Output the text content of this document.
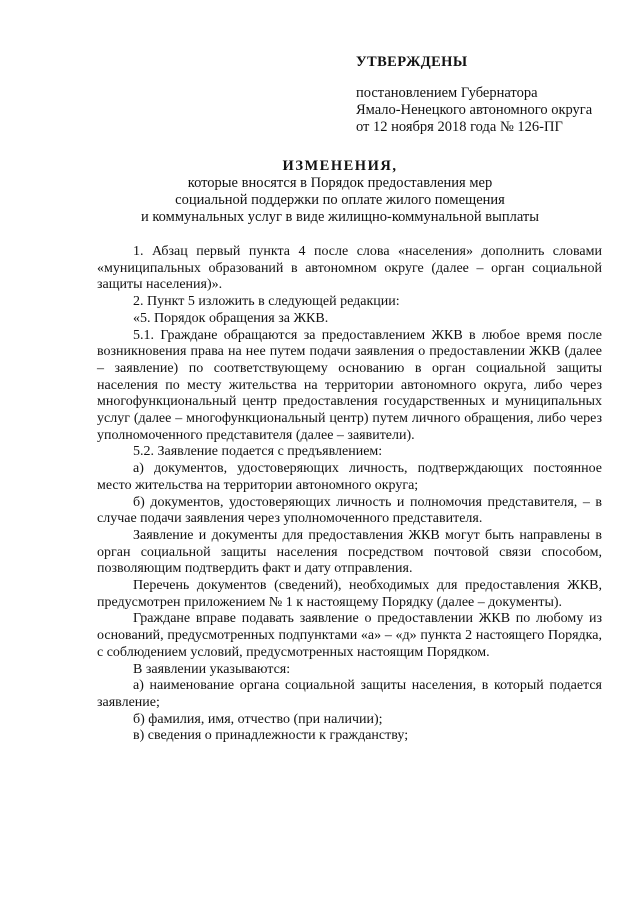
УТВЕРЖДЕНЫ
постановлением Губернатора
Ямало-Ненецкого автономного округа
от 12 ноября 2018 года № 126-ПГ
ИЗМЕНЕНИЯ,
которые вносятся в Порядок предоставления мер
социальной поддержки по оплате жилого помещения
и коммунальных услуг в виде жилищно-коммунальной выплаты

1. Абзац первый пункта 4 после слова «населения» дополнить словами «муниципальных образований в автономном округе (далее – орган социальной защиты населения)».

2. Пункт 5 изложить в следующей редакции:

«5. Порядок обращения за ЖКВ.

5.1. Граждане обращаются за предоставлением ЖКВ в любое время после возникновения права на нее путем подачи заявления о предоставлении ЖКВ (далее – заявление) по соответствующему основанию в орган социальной защиты населения по месту жительства на территории автономного округа, либо через многофункциональный центр предоставления государственных и муниципальных услуг (далее – многофункциональный центр) путем личного обращения, либо через уполномоченного представителя (далее – заявители).

5.2. Заявление подается с предъявлением:

а) документов, удостоверяющих личность, подтверждающих постоянное место жительства на территории автономного округа;

б) документов, удостоверяющих личность и полномочия представителя, – в случае подачи заявления через уполномоченного представителя.

Заявление и документы для предоставления ЖКВ могут быть направлены в орган социальной защиты населения посредством почтовой связи способом, позволяющим подтвердить факт и дату отправления.

Перечень документов (сведений), необходимых для предоставления ЖКВ, предусмотрен приложением № 1 к настоящему Порядку (далее – документы).

Граждане вправе подавать заявление о предоставлении ЖКВ по любому из оснований, предусмотренных подпунктами «а» – «д» пункта 2 настоящего Порядка, с соблюдением условий, предусмотренных настоящим Порядком.

В заявлении указываются:

а) наименование органа социальной защиты населения, в который подается заявление;

б) фамилия, имя, отчество (при наличии);

в) сведения о принадлежности к гражданству;
